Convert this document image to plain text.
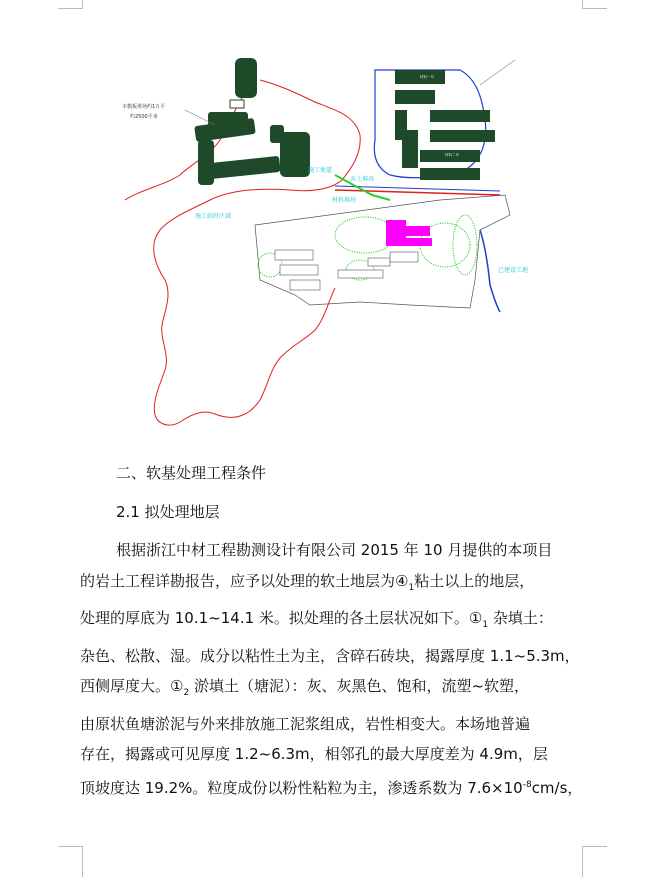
木模板堆场约1万平
约2500平米
施工便道
弃土堆场
材料堆场
施工临时区域
已建设工地
材料一号
材料二号
二、软基处理工程条件
2.1 拟处理地层
根据浙江中材工程勘测设计有限公司 2015 年 10 月提供的本项目
的岩土工程详勘报告，应予以处理的软土地层为$④_1$粘土以上的地层，
处理的厚底为 10.1~14.1 米。拟处理的各土层状况如下。$①_1$ 杂填土：
杂色、松散、湿。成分以粘性土为主，含碎石砖块，揭露厚度 1.1~5.3m，
西侧厚度大。$①_2$ 淤填土（塘泥）：灰、灰黑色、饱和，流塑~软塑，
由原状鱼塘淤泥与外来排放施工泥浆组成，岩性相变大。本场地普遍
存在，揭露或可见厚度 1.2~6.3m，相邻孔的最大厚度差为 4.9m，层
顶坡度达 19.2%。粒度成份以粉性粘粒为主，渗透系数为 $7.6\times 10^{-8}cm/s$，
